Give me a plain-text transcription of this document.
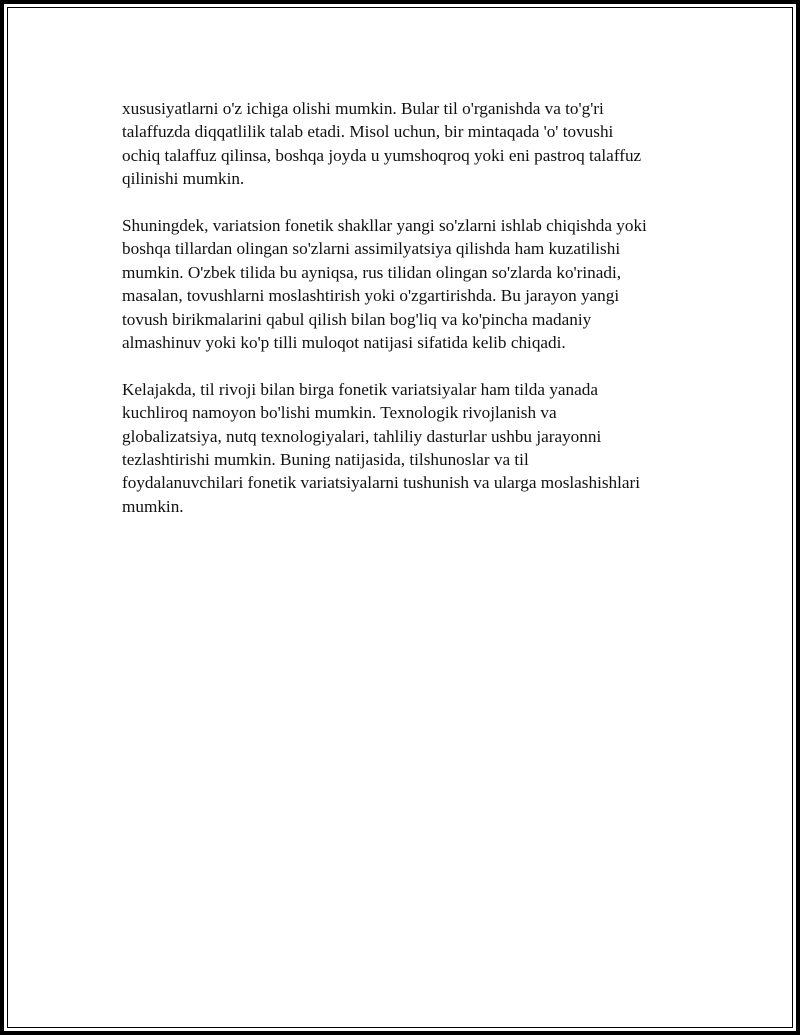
xususiyatlarni o'z ichiga olishi mumkin. Bular til o'rganishda va to'g'ri
talaffuzda diqqatlilik talab etadi. Misol uchun, bir mintaqada 'o' tovushi
ochiq talaffuz qilinsa, boshqa joyda u yumshoqroq yoki eni pastroq talaffuz
qilinishi mumkin.

Shuningdek, variatsion fonetik shakllar yangi so'zlarni ishlab chiqishda yoki
boshqa tillardan olingan so'zlarni assimilyatsiya qilishda ham kuzatilishi
mumkin. O'zbek tilida bu ayniqsa, rus tilidan olingan so'zlarda ko'rinadi,
masalan, tovushlarni moslashtirish yoki o'zgartirishda. Bu jarayon yangi
tovush birikmalarini qabul qilish bilan bog'liq va ko'pincha madaniy
almashinuv yoki ko'p tilli muloqot natijasi sifatida kelib chiqadi.

Kelajakda, til rivoji bilan birga fonetik variatsiyalar ham tilda yanada
kuchliroq namoyon bo'lishi mumkin. Texnologik rivojlanish va
globalizatsiya, nutq texnologiyalari, tahliliy dasturlar ushbu jarayonni
tezlashtirishi mumkin. Buning natijasida, tilshunoslar va til
foydalanuvchilari fonetik variatsiyalarni tushunish va ularga moslashishlari
mumkin.
